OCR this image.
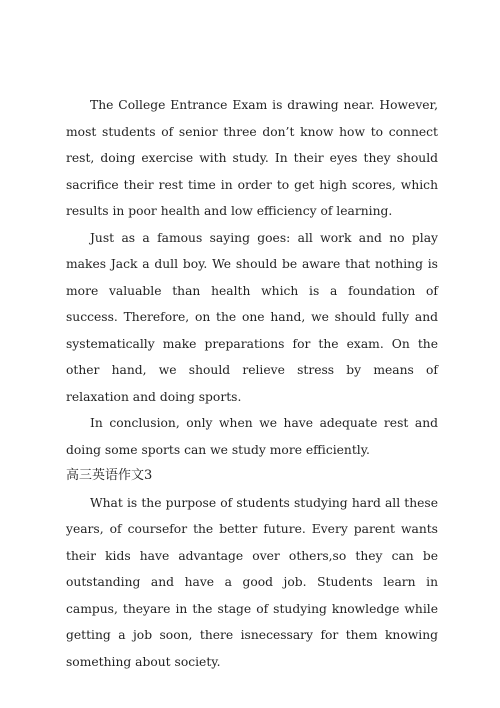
The College Entrance Exam is drawing near. However, most students of senior three don’t know how to connect rest, doing exercise with study. In their eyes they should sacrifice their rest time in order to get high scores, which results in poor health and low efficiency of learning.

Just as a famous saying goes: all work and no play makes Jack a dull boy. We should be aware that nothing is more valuable than health which is a foundation of success. Therefore, on the one hand, we should fully and systematically make preparations for the exam. On the other hand, we should relieve stress by means of relaxation and doing sports.

In conclusion, only when we have adequate rest and doing some sports can we study more efficiently.

高三英语作文3

What is the purpose of students studying hard all these years, of coursefor the better future. Every parent wants their kids have advantage over others,so they can be outstanding and have a good job. Students learn in campus, theyare in the stage of studying knowledge while getting a job soon, there isnecessary for them knowing something about society.
